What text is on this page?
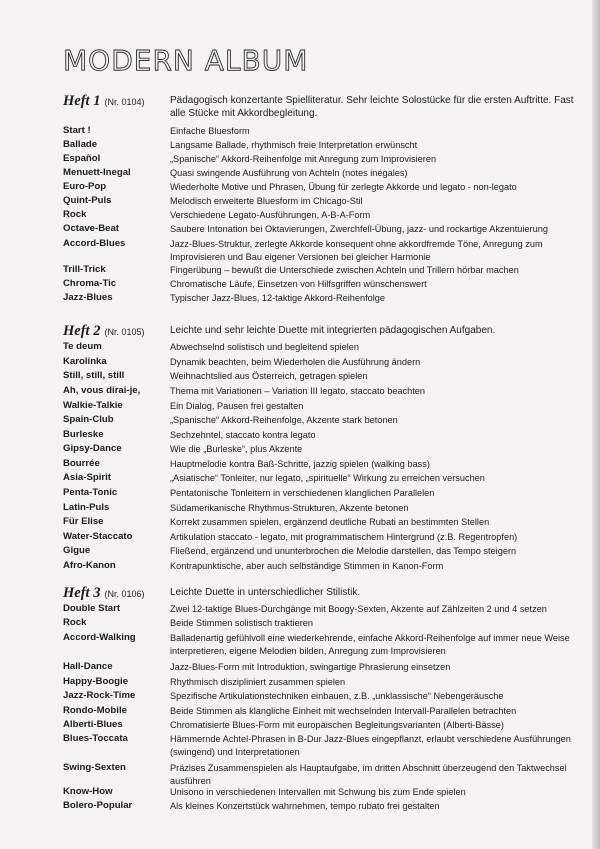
MODERN ALBUM
Heft 1 (Nr. 0104)	Pädagogisch konzertante Spielliteratur. Sehr leichte Solostücke für die ersten Auftritte. Fast alle Stücke mit Akkordbegleitung.
Start !	Einfache Bluesform
Ballade	Langsame Ballade, rhythmisch freie Interpretation erwünscht
Español	„Spanische“ Akkord-Reihenfolge mit Anregung zum Improvisieren
Menuett-Inegal	Quasi swingende Ausführung von Achteln (notes inégales)
Euro-Pop	Wiederholte Motive und Phrasen, Übung für zerlegte Akkorde und legato - non-legato
Quint-Puls	Melodisch erweiterte Bluesform im Chicago-Stil
Rock	Verschiedene Legato-Ausführungen, A-B-A-Form
Octave-Beat	Saubere Intonation bei Oktavierungen, Zwerchfell-Übung, jazz- und rockartige Akzentuierung
Accord-Blues	Jazz-Blues-Struktur, zerlegte Akkorde konsequent ohne akkordfremde Töne, Anregung zum Improvisieren und Bau eigener Versionen bei gleicher Harmonie
Trill-Trick	Fingerübung – bewußt die Unterschiede zwischen Achteln und Trillern hörbar machen
Chroma-Tic	Chromatische Läufe, Einsetzen von Hilfsgriffen wünschenswert
Jazz-Blues	Typischer Jazz-Blues, 12-taktige Akkord-Reihenfolge
Heft 2 (Nr. 0105)	Leichte und sehr leichte Duette mit integrierten pädagogischen Aufgaben.
Te deum	Abwechselnd solistisch und begleitend spielen
Karolinka	Dynamik beachten, beim Wiederholen die Ausführung ändern
Still, still, still	Weihnachtslied aus Österreich, getragen spielen
Ah, vous dirai-je,	Thema mit Variationen – Variation III legato, staccato beachten
Walkie-Talkie	Ein Dialog, Pausen frei gestalten
Spain-Club	„Spanische“ Akkord-Reihenfolge, Akzente stark betonen
Burleske	Sechzehntel, staccato kontra legato
Gipsy-Dance	Wie die „Burleske“, plus Akzente
Bourrée	Hauptmelodie kontra Baß-Schritte, jazzig spielen (walking bass)
Asia-Spirit	„Asiatische“ Tonleiter, nur legato, „spirituelle“ Wirkung zu erreichen versuchen
Penta-Tonic	Pentatonische Tonleitern in verschiedenen klanglichen Parallelen
Latin-Puls	Südamerikanische Rhythmus-Strukturen, Akzente betonen
Für Elise	Korrekt zusammen spielen, ergänzend deutliche Rubati an bestimmten Stellen
Water-Staccato	Artikulation staccato - legato, mit programmatischem Hintergrund (z.B. Regentropfen)
Gigue	Fließend, ergänzend und ununterbrochen die Melodie darstellen, das Tempo steigern
Afro-Kanon	Kontrapunktische, aber auch selbständige Stimmen in Kanon-Form
Heft 3 (Nr. 0106)	Leichte Duette in unterschiedlicher Stilistik.
Double Start	Zwei 12-taktige Blues-Durchgänge mit Boogy-Sexten, Akzente auf Zählzeiten 2 und 4 setzen
Rock	Beide Stimmen solistisch traktieren
Accord-Walking	Balladenartig gefühlvoll eine wiederkehrende, einfache Akkord-Reihenfolge auf immer neue Weise interpretieren, eigene Melodien bilden, Anregung zum Improvisieren
Hall-Dance	Jazz-Blues-Form mit Introduktion, swingartige Phrasierung einsetzen
Happy-Boogie	Rhythmisch diszipliniert zusammen spielen
Jazz-Rock-Time	Spezifische Artikulationstechniken einbauen, z.B. „unklassische“ Nebengeräusche
Rondo-Mobile	Beide Stimmen als klangliche Einheit mit wechselnden Intervall-Parallelen betrachten
Alberti-Blues	Chromatisierte Blues-Form mit europäischen Begleitungsvarianten (Alberti-Bässe)
Blues-Toccata	Hämmernde Achtel-Phrasen in B-Dur Jazz-Blues eingepflanzt, erlaubt verschiedene Ausführungen (swingend) und Interpretationen
Swing-Sexten	Präzises Zusammenspielen als Hauptaufgabe, im dritten Abschnitt überzeugend den Taktwechsel ausführen
Know-How	Unisono in verschiedenen Intervallen mit Schwung bis zum Ende spielen
Bolero-Popular	Als kleines Konzertstück wahrnehmen, tempo rubato frei gestalten
